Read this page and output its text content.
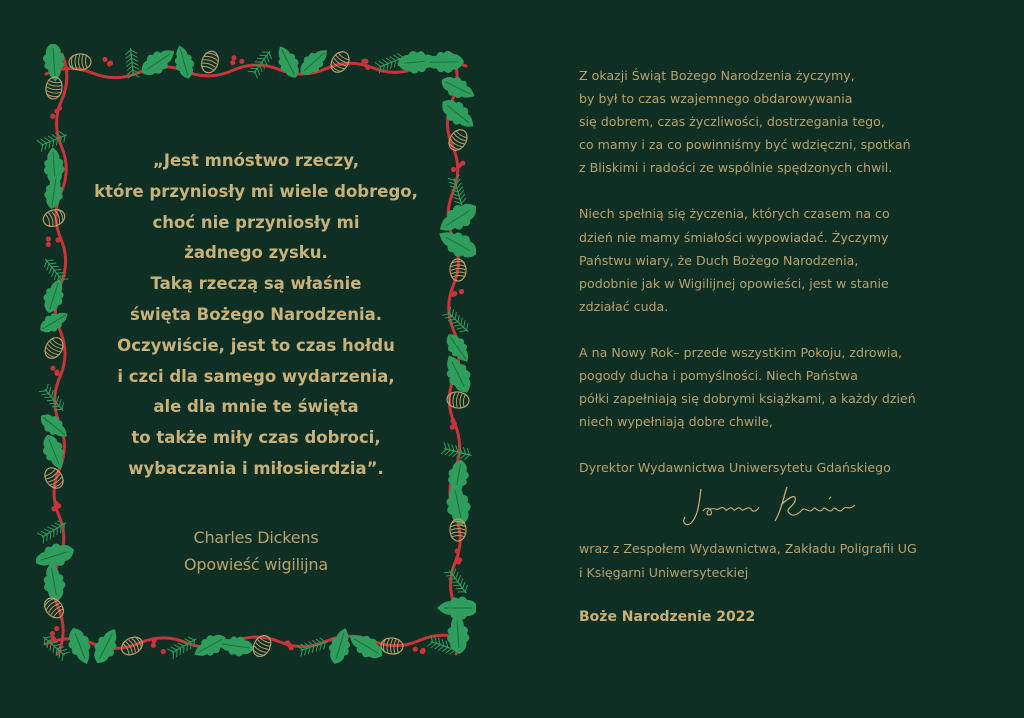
„Jest mnóstwo rzeczy,
które przyniosły mi wiele dobrego,
choć nie przyniosły mi
żadnego zysku.
Taką rzeczą są właśnie
święta Bożego Narodzenia.
Oczywiście, jest to czas hołdu
i czci dla samego wydarzenia,
ale dla mnie te święta
to także miły czas dobroci,
wybaczania i miłosierdzia”.
Charles Dickens
Opowieść wigilijna
Z okazji Świąt Bożego Narodzenia życzymy,
by był to czas wzajemnego obdarowywania
się dobrem, czas życzliwości, dostrzegania tego,
co mamy i za co powinniśmy być wdzięczni, spotkań
z Bliskimi i radości ze wspólnie spędzonych chwil.
Niech spełnią się życzenia, których czasem na co
dzień nie mamy śmiałości wypowiadać. Życzymy
Państwu wiary, że Duch Bożego Narodzenia,
podobnie jak w Wigilijnej opowieści, jest w stanie
zdziałać cuda.
A na Nowy Rok– przede wszystkim Pokoju, zdrowia,
pogody ducha i pomyślności. Niech Państwa
półki zapełniają się dobrymi książkami, a każdy dzień
niech wypełniają dobre chwile,
Dyrektor Wydawnictwa Uniwersytetu Gdańskiego
wraz z Zespołem Wydawnictwa, Zakładu Poligrafii UG
i Księgarni Uniwersyteckiej
Boże Narodzenie 2022
